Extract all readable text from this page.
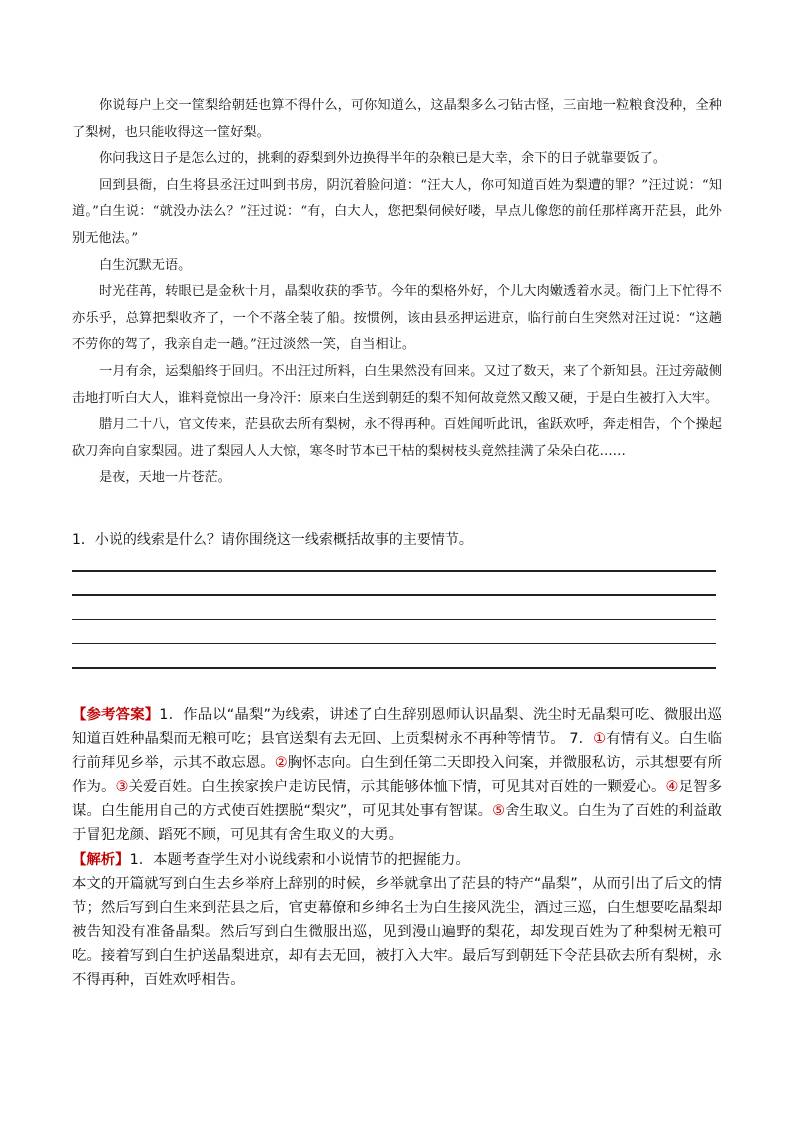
你说每户上交一筐梨给朝廷也算不得什么，可你知道么，这晶梨多么刁钻古怪，三亩地一粒粮食没种，全种了梨树，也只能收得这一筐好梨。

你问我这日子是怎么过的，挑剩的孬梨到外边换得半年的杂粮已是大幸，余下的日子就靠要饭了。

回到县衙，白生将县丞汪过叫到书房，阴沉着脸问道：“汪大人，你可知道百姓为梨遭的罪？”汪过说：“知道。”白生说：“就没办法么？”汪过说：“有，白大人，您把梨伺候好喽，早点儿像您的前任那样离开茫县，此外别无他法。”

白生沉默无语。

时光荏苒，转眼已是金秋十月，晶梨收获的季节。今年的梨格外好，个儿大肉嫩透着水灵。衙门上下忙得不亦乐乎，总算把梨收齐了，一个不落全装了船。按惯例，该由县丞押运进京，临行前白生突然对汪过说：“这趟不劳你的驾了，我亲自走一趟。”汪过淡然一笑，自当相让。

一月有余，运梨船终于回归。不出汪过所料，白生果然没有回来。又过了数天，来了个新知县。汪过旁敲侧击地打听白大人，谁料竟惊出一身冷汗：原来白生送到朝廷的梨不知何故竟然又酸又硬，于是白生被打入大牢。

腊月二十八，官文传来，茫县砍去所有梨树，永不得再种。百姓闻听此讯，雀跃欢呼，奔走相告，个个操起砍刀奔向自家梨园。进了梨园人人大惊，寒冬时节本已干枯的梨树枝头竟然挂满了朵朵白花……

是夜，天地一片苍茫。

1．小说的线索是什么？请你围绕这一线索概括故事的主要情节。

【参考答案】1．作品以“晶梨”为线索，讲述了白生辞别恩师认识晶梨、洗尘时无晶梨可吃、微服出巡知道百姓种晶梨而无粮可吃；县官送梨有去无回、上贡梨树永不再种等情节。 7．①有情有义。白生临行前拜见乡举，示其不敢忘恩。②胸怀志向。白生到任第二天即投入问案，并微服私访，示其想要有所作为。③关爱百姓。白生挨家挨户走访民情，示其能够体恤下情，可见其对百姓的一颗爱心。④足智多谋。白生能用自己的方式使百姓摆脱“梨灾”，可见其处事有智谋。⑤舍生取义。白生为了百姓的利益敢于冒犯龙颜、蹈死不顾，可见其有舍生取义的大勇。

【解析】1．本题考查学生对小说线索和小说情节的把握能力。

本文的开篇就写到白生去乡举府上辞别的时候，乡举就拿出了茫县的特产“晶梨”，从而引出了后文的情节；然后写到白生来到茫县之后，官吏幕僚和乡绅名士为白生接风洗尘，酒过三巡，白生想要吃晶梨却被告知没有准备晶梨。然后写到白生微服出巡，见到漫山遍野的梨花，却发现百姓为了种梨树无粮可吃。接着写到白生护送晶梨进京，却有去无回，被打入大牢。最后写到朝廷下令茫县砍去所有梨树，永不得再种，百姓欢呼相告。
